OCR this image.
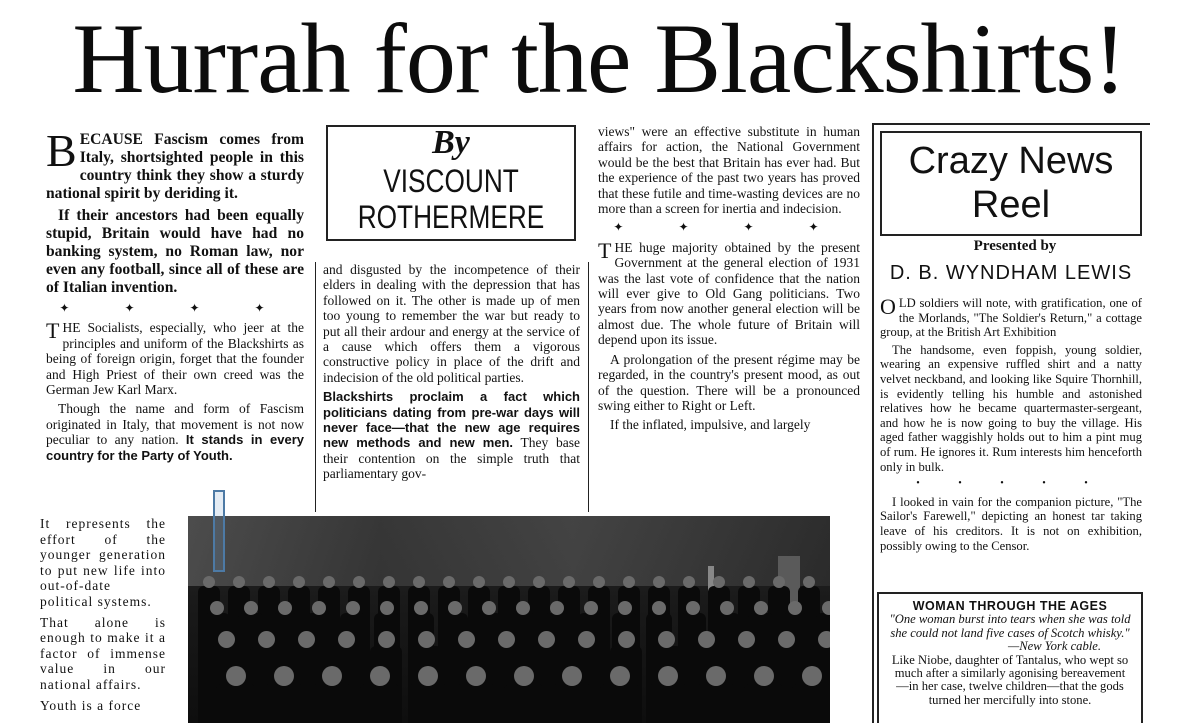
Hurrah for the Blackshirts!

BECAUSE Fascism comes from Italy, shortsighted people in this country think they show a sturdy national spirit by deriding it.

If their ancestors had been equally stupid, Britain would have had no banking system, no Roman law, nor even any football, since all of these are of Italian invention.

✦ ✦ ✦ ✦

THE Socialists, especially, who jeer at the principles and uniform of the Blackshirts as being of foreign origin, forget that the founder and High Priest of their own creed was the German Jew Karl Marx.

Though the name and form of Fascism originated in Italy, that movement is not now peculiar to any nation. It stands in every country for the Party of Youth.

It represents the effort of the younger generation to put new life into out-of-date political systems.

That alone is enough to make it a factor of immense value in our national affairs.

Youth is a force

By
VISCOUNT
ROTHERMERE

and disgusted by the incompetence of their elders in dealing with the depression that has followed on it. The other is made up of men too young to remember the war but ready to put all their ardour and energy at the service of a cause which offers them a vigorous constructive policy in place of the drift and indecision of the old political parties.

Blackshirts proclaim a fact which politicians dating from pre-war days will never face—that the new age requires new methods and new men. They base their contention on the simple truth that parliamentary gov-

views" were an effective substitute in human affairs for action, the National Government would be the best that Britain has ever had. But the experience of the past two years has proved that these futile and time-wasting devices are no more than a screen for inertia and indecision.

✦ ✦ ✦ ✦

THE huge majority obtained by the present Government at the general election of 1931 was the last vote of confidence that the nation will ever give to Old Gang politicians. Two years from now another general election will be almost due. The whole future of Britain will depend upon its issue.

A prolongation of the present régime may be regarded, in the country's present mood, as out of the question. There will be a pronounced swing either to Right or Left.

If the inflated, impulsive, and largely

Crazy News
Reel
Presented by
D. B. WYNDHAM LEWIS

OLD soldiers will note, with gratification, one of the Morlands, "The Soldier's Return," a cottage group, at the British Art Exhibition

The handsome, even foppish, young soldier, wearing an expensive ruffled shirt and a natty velvet neckband, and looking like Squire Thornhill, is evidently telling his humble and astonished relatives how he became quartermaster-sergeant, and how he is now going to buy the village. His aged father waggishly holds out to him a pint mug of rum. He ignores it. Rum interests him henceforth only in bulk.

• • • • •

I looked in vain for the companion picture, "The Sailor's Farewell," depicting an honest tar taking leave of his creditors. It is not on exhibition, possibly owing to the Censor.

WOMAN THROUGH THE AGES
"One woman burst into tears when she was told she could not land five cases of Scotch whisky."
—New York cable.
Like Niobe, daughter of Tantalus, who wept so much after a similarly agonising bereavement—in her case, twelve children—that the gods turned her mercifully into stone.
